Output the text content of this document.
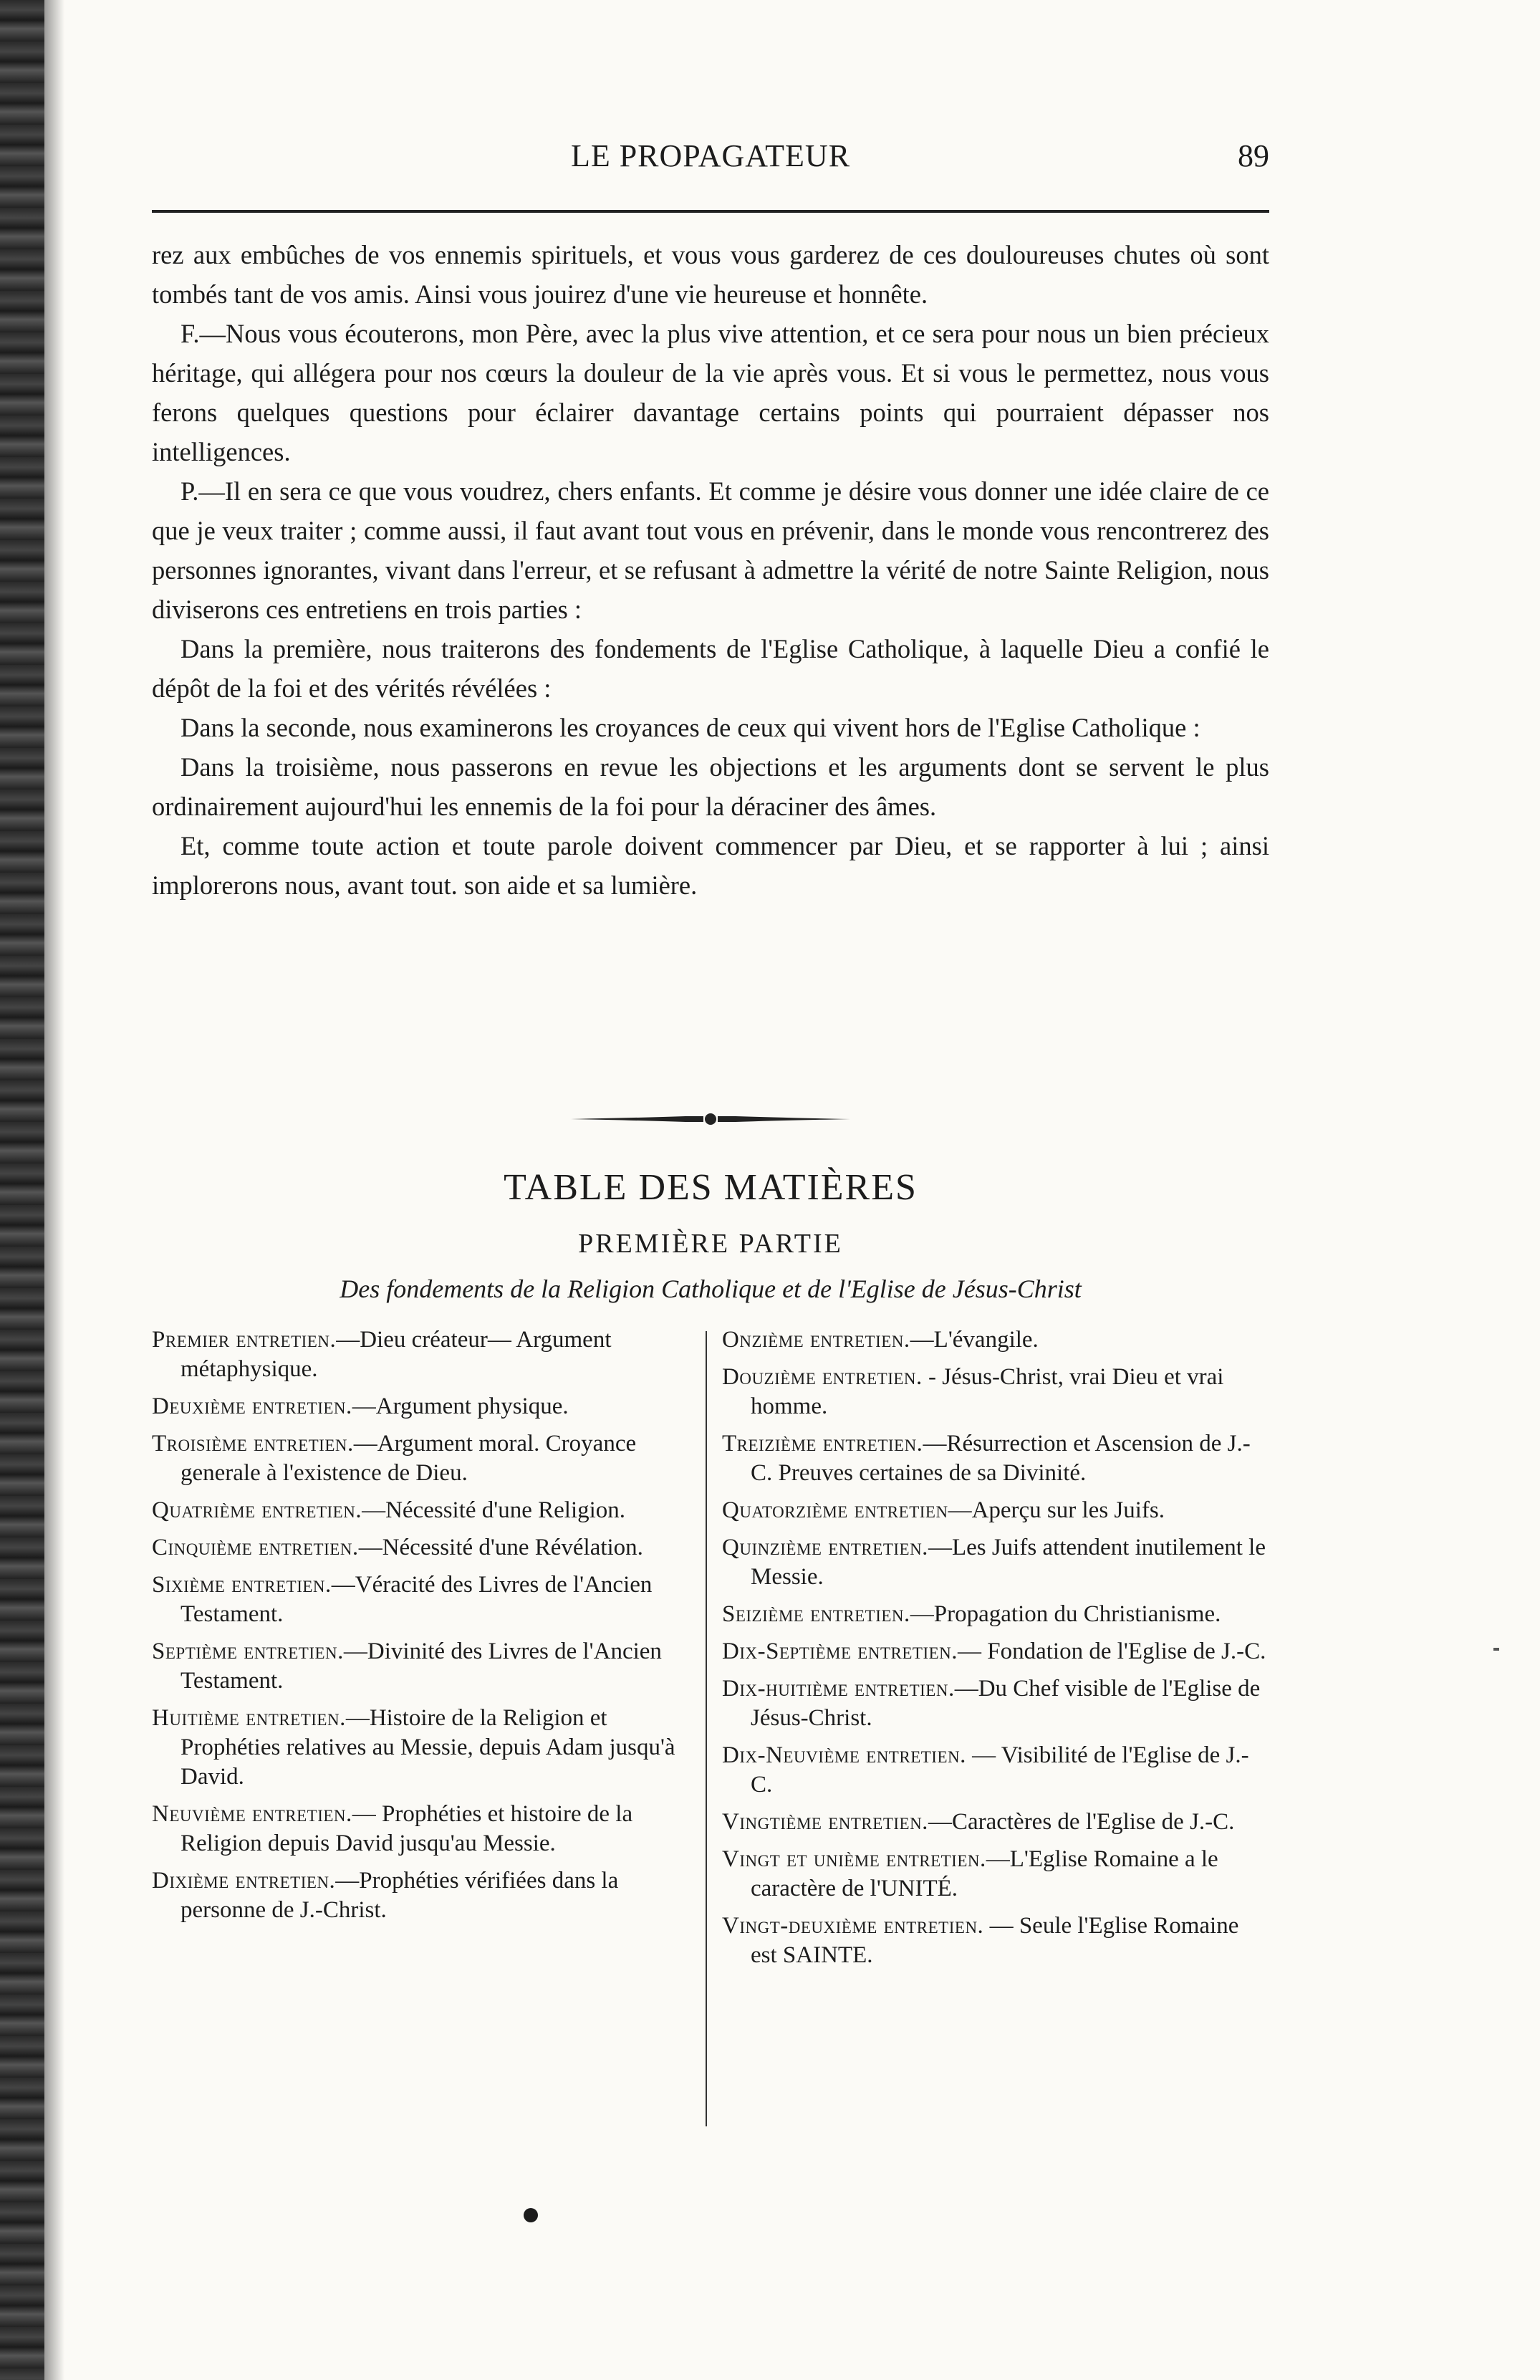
LE PROPAGATEUR	89

rez aux embûches de vos ennemis spirituels, et vous vous garderez de ces douloureuses chutes où sont tombés tant de vos amis. Ainsi vous jouirez d'une vie heureuse et honnête.

F.—Nous vous écouterons, mon Père, avec la plus vive attention, et ce sera pour nous un bien précieux héritage, qui allégera pour nos cœurs la douleur de la vie après vous. Et si vous le permettez, nous vous ferons quelques questions pour éclairer davantage certains points qui pourraient dépasser nos intelligences.

P.—Il en sera ce que vous voudrez, chers enfants. Et comme je désire vous donner une idée claire de ce que je veux traiter ; comme aussi, il faut avant tout vous en prévenir, dans le monde vous rencontrerez des personnes ignorantes, vivant dans l'erreur, et se refusant à admettre la vérité de notre Sainte Religion, nous diviserons ces entretiens en trois parties :

Dans la première, nous traiterons des fondements de l'Eglise Catholique, à laquelle Dieu a confié le dépôt de la foi et des vérités révélées :

Dans la seconde, nous examinerons les croyances de ceux qui vivent hors de l'Eglise Catholique :

Dans la troisième, nous passerons en revue les objections et les arguments dont se servent le plus ordinairement aujourd'hui les ennemis de la foi pour la déraciner des âmes.

Et, comme toute action et toute parole doivent commencer par Dieu, et se rapporter à lui ; ainsi implorerons nous, avant tout. son aide et sa lumière.

TABLE DES MATIÈRES
PREMIÈRE PARTIE
Des fondements de la Religion Catholique et de l'Eglise de Jésus-Christ
Premier entretien.—Dieu créateur— Argument métaphysique.
Deuxième entretien.—Argument physique.
Troisième entretien.—Argument moral. Croyance generale à l'existence de Dieu.
Quatrième entretien.—Nécessité d'une Religion.
Cinquième entretien.—Nécessité d'une Révélation.
Sixième entretien.—Véracité des Livres de l'Ancien Testament.
Septième entretien.—Divinité des Livres de l'Ancien Testament.
Huitième entretien.—Histoire de la Religion et Prophéties relatives au Messie, depuis Adam jusqu'à David.
Neuvième entretien.— Prophéties et histoire de la Religion depuis David jusqu'au Messie.
Dixième entretien.—Prophéties vérifiées dans la personne de J.-Christ.
Onzième entretien.—L'évangile.
Douzième entretien. - Jésus-Christ, vrai Dieu et vrai homme.
Treizième entretien.—Résurrection et Ascension de J.-C. Preuves certaines de sa Divinité.
Quatorzième entretien—Aperçu sur les Juifs.
Quinzième entretien.—Les Juifs attendent inutilement le Messie.
Seizième entretien.—Propagation du Christianisme.
Dix-Septième entretien.— Fondation de l'Eglise de J.-C.
Dix-huitième entretien.—Du Chef visible de l'Eglise de Jésus-Christ.
Dix-Neuvième entretien. — Visibilité de l'Eglise de J.-C.
Vingtième entretien.—Caractères de l'Eglise de J.-C.
Vingt et unième entretien.—L'Eglise Romaine a le caractère de l'UNITÉ.
Vingt-deuxième entretien. — Seule l'Eglise Romaine est SAINTE.
